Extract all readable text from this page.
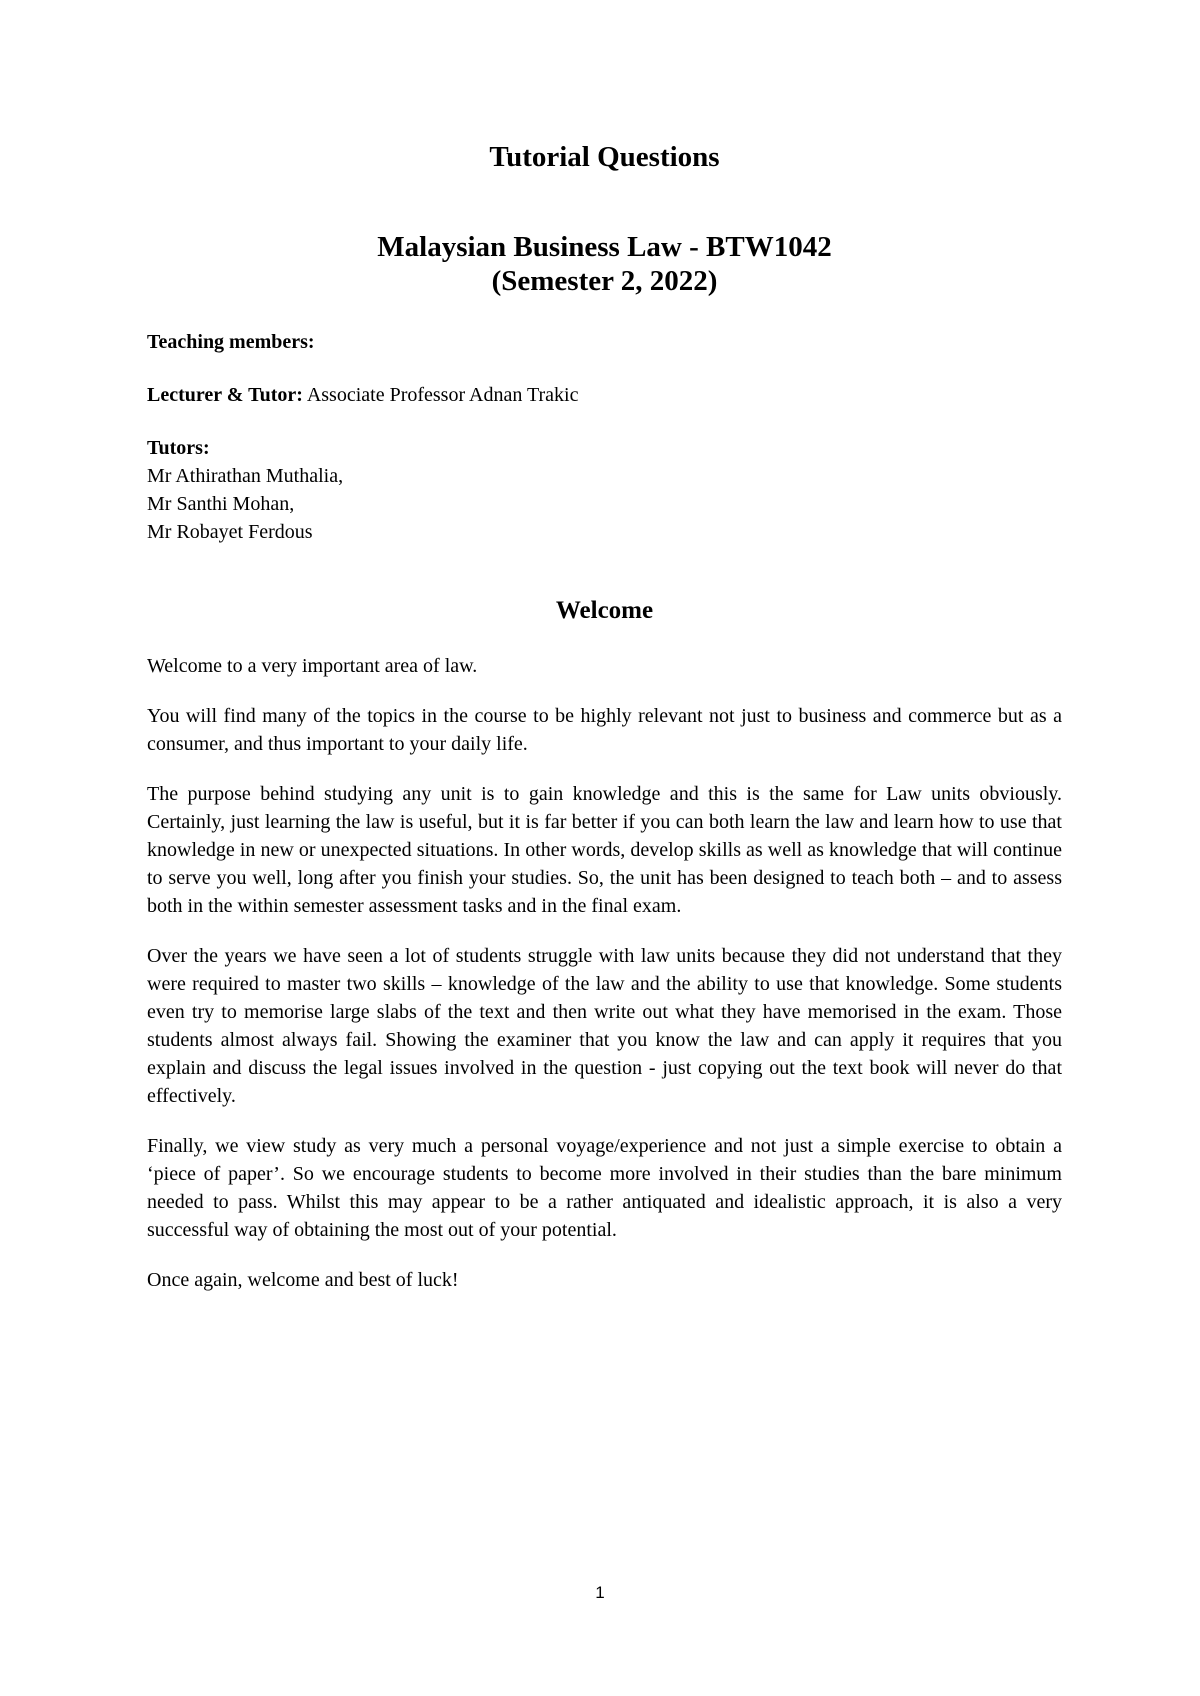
Tutorial Questions
Malaysian Business Law - BTW1042
(Semester 2, 2022)

Teaching members:

Lecturer & Tutor: Associate Professor Adnan Trakic

Tutors:

Mr Athirathan Muthalia,

Mr Santhi Mohan,

Mr Robayet Ferdous

Welcome

Welcome to a very important area of law.

You will find many of the topics in the course to be highly relevant not just to business and commerce but as a consumer, and thus important to your daily life.

The purpose behind studying any unit is to gain knowledge and this is the same for Law units obviously. Certainly, just learning the law is useful, but it is far better if you can both learn the law and learn how to use that knowledge in new or unexpected situations. In other words, develop skills as well as knowledge that will continue to serve you well, long after you finish your studies. So, the unit has been designed to teach both – and to assess both in the within semester assessment tasks and in the final exam.

Over the years we have seen a lot of students struggle with law units because they did not understand that they were required to master two skills – knowledge of the law and the ability to use that knowledge. Some students even try to memorise large slabs of the text and then write out what they have memorised in the exam. Those students almost always fail. Showing the examiner that you know the law and can apply it requires that you explain and discuss the legal issues involved in the question - just copying out the text book will never do that effectively.

Finally, we view study as very much a personal voyage/experience and not just a simple exercise to obtain a ‘piece of paper’. So we encourage students to become more involved in their studies than the bare minimum needed to pass. Whilst this may appear to be a rather antiquated and idealistic approach, it is also a very successful way of obtaining the most out of your potential.

Once again, welcome and best of luck!

1
